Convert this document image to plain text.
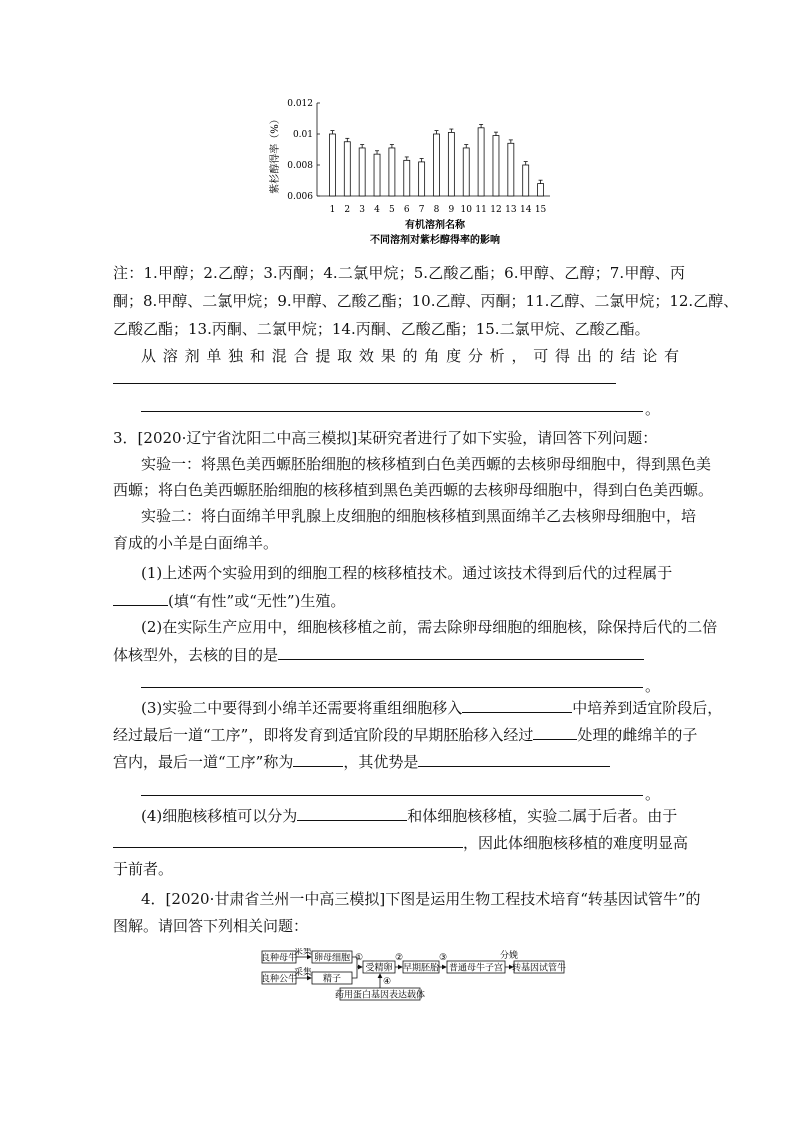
0.012
0.01
0.008
0.006
1 2 3 4 5 6 7 8 9 10 11 12 13 14 15
紫杉醇得率（%）
有机溶剂名称
不同溶剂对紫杉醇得率的影响
注：1.甲醇；2.乙醇；3.丙酮；4.二氯甲烷；5.乙酸乙酯；6.甲醇、乙醇；7.甲醇、丙
酮；8.甲醇、二氯甲烷；9.甲醇、乙酸乙酯；10.乙醇、丙酮；11.乙醇、二氯甲烷；12.乙醇、
乙酸乙酯；13.丙酮、二氯甲烷；14.丙酮、乙酸乙酯；15.二氯甲烷、乙酸乙酯。
从溶剂单独和混合提取效果的角度分析，可得出的结论有
。
3．[2020·辽宁省沈阳二中高三模拟]某研究者进行了如下实验，请回答下列问题：
实验一：将黑色美西螈胚胎细胞的核移植到白色美西螈的去核卵母细胞中，得到黑色美
西螈；将白色美西螈胚胎细胞的核移植到黑色美西螈的去核卵母细胞中，得到白色美西螈。
实验二：将白面绵羊甲乳腺上皮细胞的细胞核移植到黑面绵羊乙去核卵母细胞中，培
育成的小羊是白面绵羊。
(1)上述两个实验用到的细胞工程的核移植技术。通过该技术得到后代的过程属于
(填“有性”或“无性”)生殖。
(2)在实际生产应用中，细胞核移植之前，需去除卵母细胞的细胞核，除保持后代的二倍
体核型外，去核的目的是
。
(3)实验二中要得到小绵羊还需要将重组细胞移入	中培养到适宜阶段后，
经过最后一道“工序”，即将发育到适宜阶段的早期胚胎移入经过	处理的雌绵羊的子
宫内，最后一道“工序”称为	，其优势是
。
(4)细胞核移植可以分为	和体细胞核移植，实验二属于后者。由于
，因此体细胞核移植的难度明显高
于前者。
4．[2020·甘肃省兰州一中高三模拟]下图是运用生物工程技术培育“转基因试管牛”的
图解。请回答下列相关问题：
良种母牛
良种公牛
卵母细胞
精子
受精卵 早期胚胎 普通母牛子宫 转基因试管牛
药用蛋白基因表达载体
采集
采集
①	②	③	分娩
④
